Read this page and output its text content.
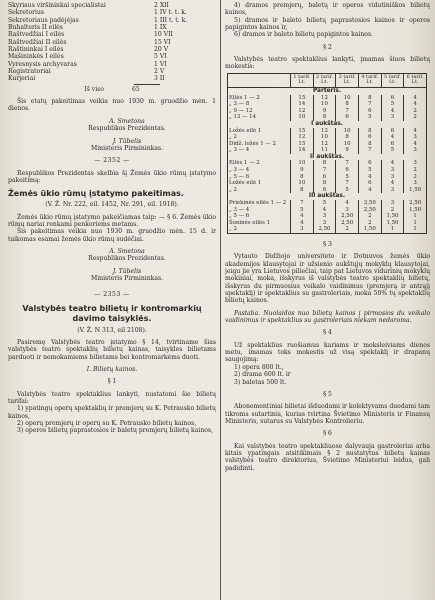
Skyriaus viršininkai specialistai	2 XII
Sekretorius	1 IV t. t. k.
Sekretoriaus padėjėjas	1 III t. t. k.
Buhalteris II eilės	1 IX
Raštvedžiai I eilės	10 VII
Raštvedžiai II eilės	15 VI
Raštininkai I eilės	20 V
Mašininkės I eilės	5 VI
Vyresnysis archyvaras	1 VI
Registratoriai	2 V
Kurjeriai	3 II
Iš viso	65

Šis etatų pakeitimas veikia nuo 1930 m. gruodžio mėn. 1 dienos.

A. Smetona
Respublikos Prezidentas.
J. Tūbelis
Ministeris Pirmininkas.
— 2352 —

Respublikos Prezidentas skelbia šį Žemės ūkio rūmų įstatymo pakeitimą:

Žemės ūkio rūmų įstatymo pakeitimas.

(V. Ž. Nr. 222, eil. 1452, Nr. 291, eil. 1918).

Žemės ūkio rūmų įstatymo pakeičiamas taip: — § 6. Žemės ūkio rūmų nariai renkami penkeriems metams.

Šis pakeitimas veikia nuo 1930 m. gruodžio mėn. 15 d. ir taikomas esamai žemės ūkio rūmų sudėčiai.

A. Smetona
Respublikos Prezidentas.
J. Tūbelis
Ministeris Pirmininkas.
— 2353 —

Valstybės teatro bilietų ir kontromarkių davimo taisyklės.

(V. Ž. N 313, eil 2108).

Pasiremę Valstybės teatro įstatymo § 14, tvirtiname šias valstybės teatro spektaklių bilietų kainas, taisykles bilietams parduoti ir nemokamiems bilietams bei kontromarkėms duoti.

I. Bilietų kainos.
§ 1

Valstybės teatro spektaklius lankyti, nustatomi šie bilietų tarifai:

1) ypatingų operų spektaklių ir premjerų su K. Petrausko bilietų kainos,

2) operų premjerų ir operų su K. Petrausko bilietų kainos,

3) operos bilietų paprastosios ir baletų premjerų bilietų kainos,

4) dramos premjerų, baletų ir operos vidutiniškos bilietų kainos,

5) dramos ir baleto bilietų paprastosios kainos ir operos papigintos kainos ir,

6) dramos ir baleto bilietų papigintos kainos.

§ 2

Valstybės teatro spektaklius lankyti, įmamas šiuos bilietų mokestis:

	1 tarif. Lt.	2 tarif. Lt.	3 tarif. Lt.	4 tarif. Lt.	5 tarif. Lt.	6 tarif. Lt.
Parteris.						
Eilės 1 — 2	15	12	10	8	6	4
„ 3 — 8	14	10	8	7	5	4
„ 9 — 12	12	9	7	6	4	2
„ 13 — 14	10	8	6	5	3	2
I aukštas.						
Ložės eilė 1	15	12	10	8	6	4
„ 2	12	10	8	6	4	3
Didž. ložės 1 — 2	15	12	10	8	6	4
„ 3 — 4	14	11	9	7	5	3
II aukštas.						
Eilės 1 — 2	10	8	7	6	4	3
„ 3 — 4	9	7	6	5	3	2
„ 5 — 6	8	6	5	4	3	2
Ložės eilė 1	10	8	7	6	4	3
„ 2	8	6	5	4	3	1,50
III aukštas.						
Priekinės eilės 1 — 2	7	5	4	3,50	3	2,50
„ 3 — 4	5	4	3	2,50	2	1,50
„ 5 — 6	4	3	2,50	2	1,50	1
Šoninės eilės 1	4	3	2,50	2	1,50	1
„ 2	3	2,50	2	1,50	1	1
§ 3

Vytauto Didžiojo universiteto ir Dotnuvos žemės ūkio akademijos klausytojai ir užsienio aukštųjų mokyklų klausytojai, jeigu jie yra Lietuvos piliečiai, taip pat Lietuvos vidurinių mokyklų mokiniai, moka, išskyrus iš valstybės teatro spektaklių bilietų, išskyrus du pirmuosius veikalo vaidinimus (premjerą ir antrąjį spektaklį) ir spektaklius su gastroleriais, moka 50% tų spektaklių bilietų kainos.

Pastaba. Nuolaidos nuo bilietų kainos į pirmosios du veikalo vaidinimus ir spektaklius su gastroleriais niekam nedaroma.

§ 4

Už spektaklius ruošiamus kariams ir moksleiviams dienos metu, imamas toks mokestis už visą spektaklį ir drapanų saugojimą:

1) opera 800 lt.,

2) drama 600 lt. ir

3) baletas 500 lt.

§ 5

Abonementiniai bilietai išduodami ir kolektyvams duodami tam tikroms sutartinis, kurias tvirtina Švietimo Ministeris ir Finansų Ministeris, sutarus su Valstybės Kontrolieriu.

§ 6

Kai valstybės teatro spektakliuose dalyvauja gastroleriai arba kitais ypatingais atsitikimais § 2 nustatytus bilietų kainas valstybės teatro direktorius, Švietimo Ministeriui leidus, gali padidinti.
